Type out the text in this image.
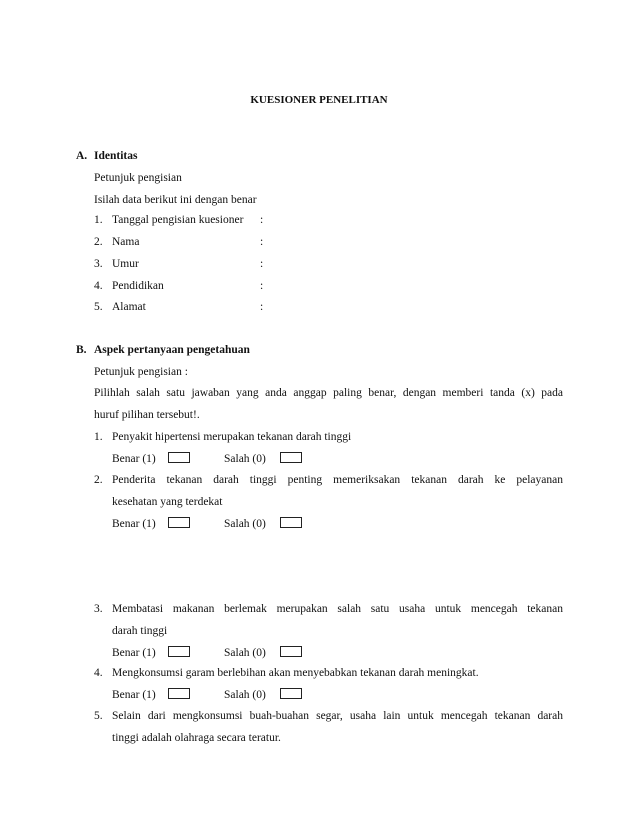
KUESIONER PENELITIAN
A. Identitas
Petunjuk pengisian
Isilah data berikut ini dengan benar
1. Tanggal pengisian kuesioner :
2. Nama	:
3. Umur	:
4. Pendidikan	:
5. Alamat	:
B. Aspek pertanyaan pengetahuan
Petunjuk pengisian :
Pilihlah salah satu jawaban yang anda anggap paling benar, dengan memberi tanda (x) pada
huruf pilihan tersebut!.
1. Penyakit hipertensi merupakan tekanan darah tinggi
Benar (1)	Salah (0)
2. Penderita tekanan darah tinggi penting memeriksakan tekanan darah ke pelayanan
kesehatan yang terdekat
Benar (1)	Salah (0)
3. Membatasi makanan berlemak merupakan salah satu usaha untuk mencegah tekanan
darah tinggi
Benar (1)	Salah (0)
4. Mengkonsumsi garam berlebihan akan menyebabkan tekanan darah meningkat.
Benar (1)	Salah (0)
5. Selain dari mengkonsumsi buah-buahan segar, usaha lain untuk mencegah tekanan darah
tinggi adalah olahraga secara teratur.
